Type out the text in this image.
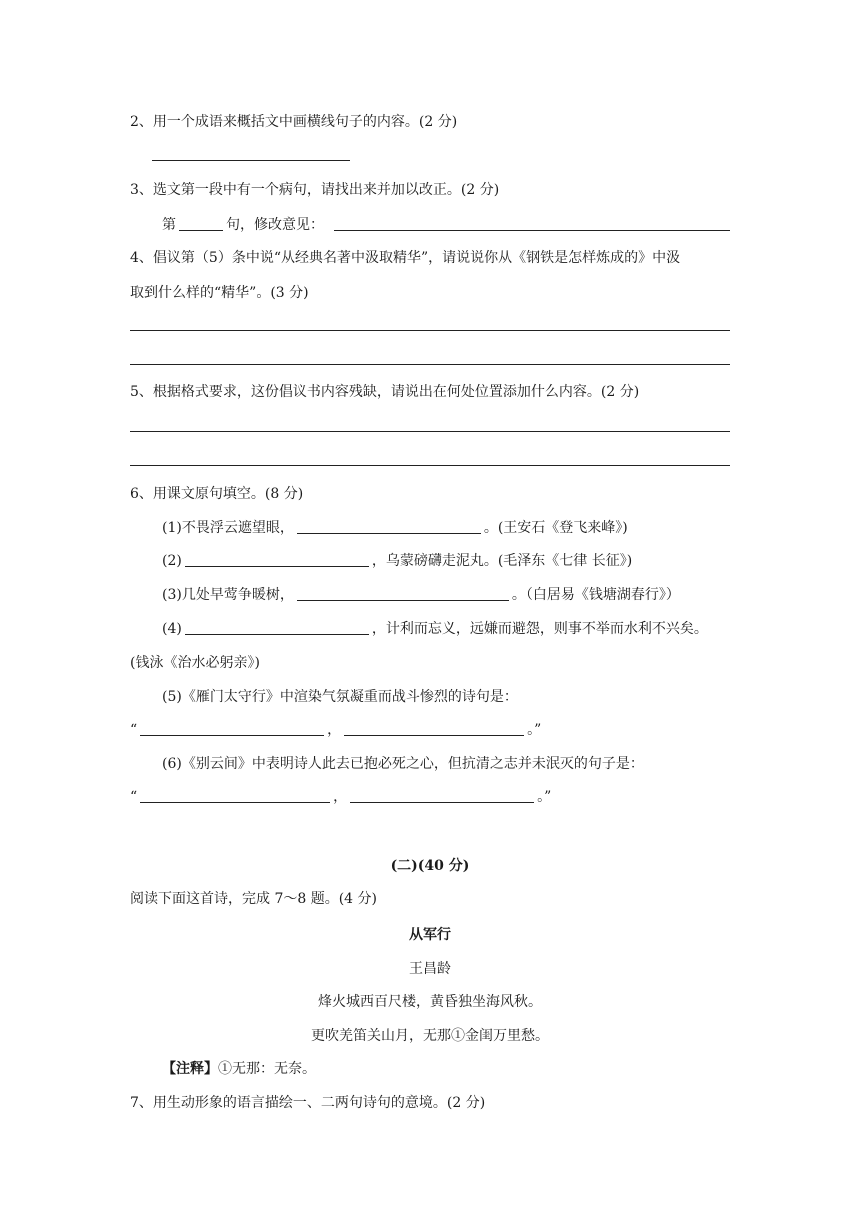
2、用一个成语来概括文中画横线句子的内容。(2 分)
3、选文第一段中有一个病句，请找出来并加以改正。(2 分)
第	句，修改意见：
4、倡议第（5）条中说“从经典名著中汲取精华”，请说说你从《钢铁是怎样炼成的》中汲
取到什么样的“精华”。(3 分)
5、根据格式要求，这份倡议书内容残缺，请说出在何处位置添加什么内容。(2 分)
6、用课文原句填空。(8 分)
(1)不畏浮云遮望眼，	。(王安石《登飞来峰》)
(2)	，乌蒙磅礴走泥丸。(毛泽东《七律 长征》)
(3)几处早莺争暖树，	。（白居易《钱塘湖春行》）
(4)	，计利而忘义，远嫌而避怨，则事不举而水利不兴矣。
(钱泳《治水必躬亲》)
(5)《雁门太守行》中渲染气氛凝重而战斗惨烈的诗句是：
“	，	。”
(6)《别云间》中表明诗人此去已抱必死之心，但抗清之志并未泯灭的句子是：
“	，	。”
(二)(40 分)
阅读下面这首诗，完成 7～8 题。(4 分)
从军行
王昌龄
烽火城西百尺楼，黄昏独坐海风秋。
更吹羌笛关山月，无那①金闺万里愁。
【注释】①无那：无奈。
7、用生动形象的语言描绘一、二两句诗句的意境。(2 分)
